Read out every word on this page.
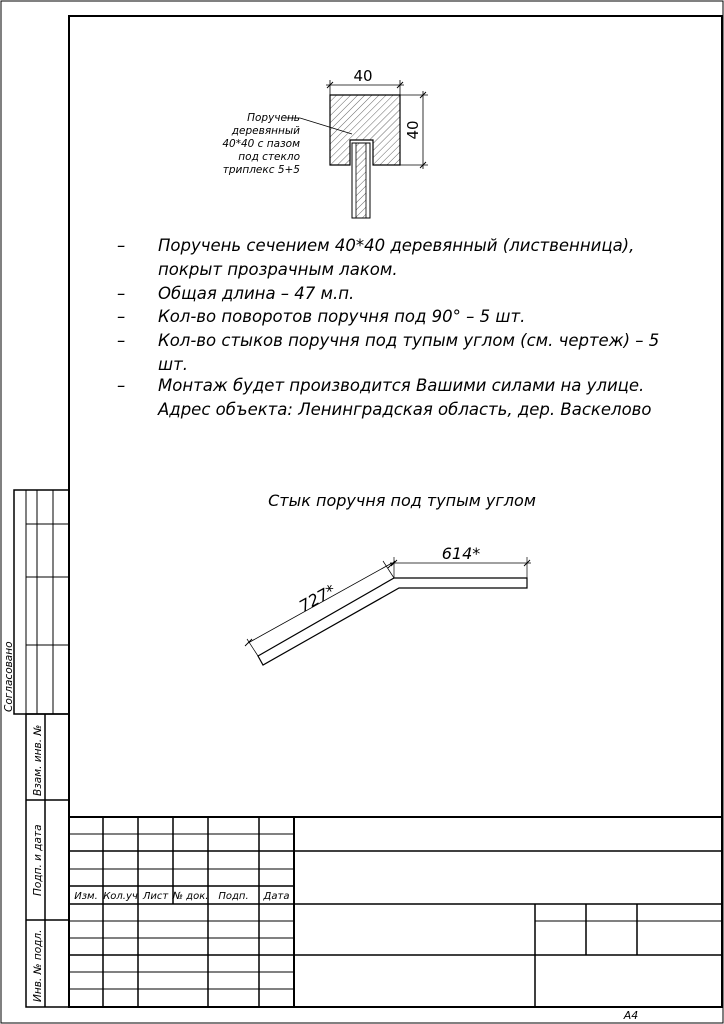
40
40
Поручень
деревянный
40*40 с пазом
под стекло
триплекс 5+5
– Поручень сечением 40*40 деревянный (лиственница),
покрыт прозрачным лаком.
– Общая длина – 47 м.п.
– Кол-во поворотов поручня под 90° – 5 шт.
– Кол-во стыков поручня под тупым углом (см. чертеж) – 5
шт.
– Монтаж будет производится Вашими силами на улице.
Адрес объекта: Ленинградская область, дер. Васкелово
Стык поручня под тупым углом
727*
614*
Согласовано
Взам. инв. №
Подп. и дата
Инв. № подл.
Изм. Кол.уч Лист № док. Подп. Дата
А4
